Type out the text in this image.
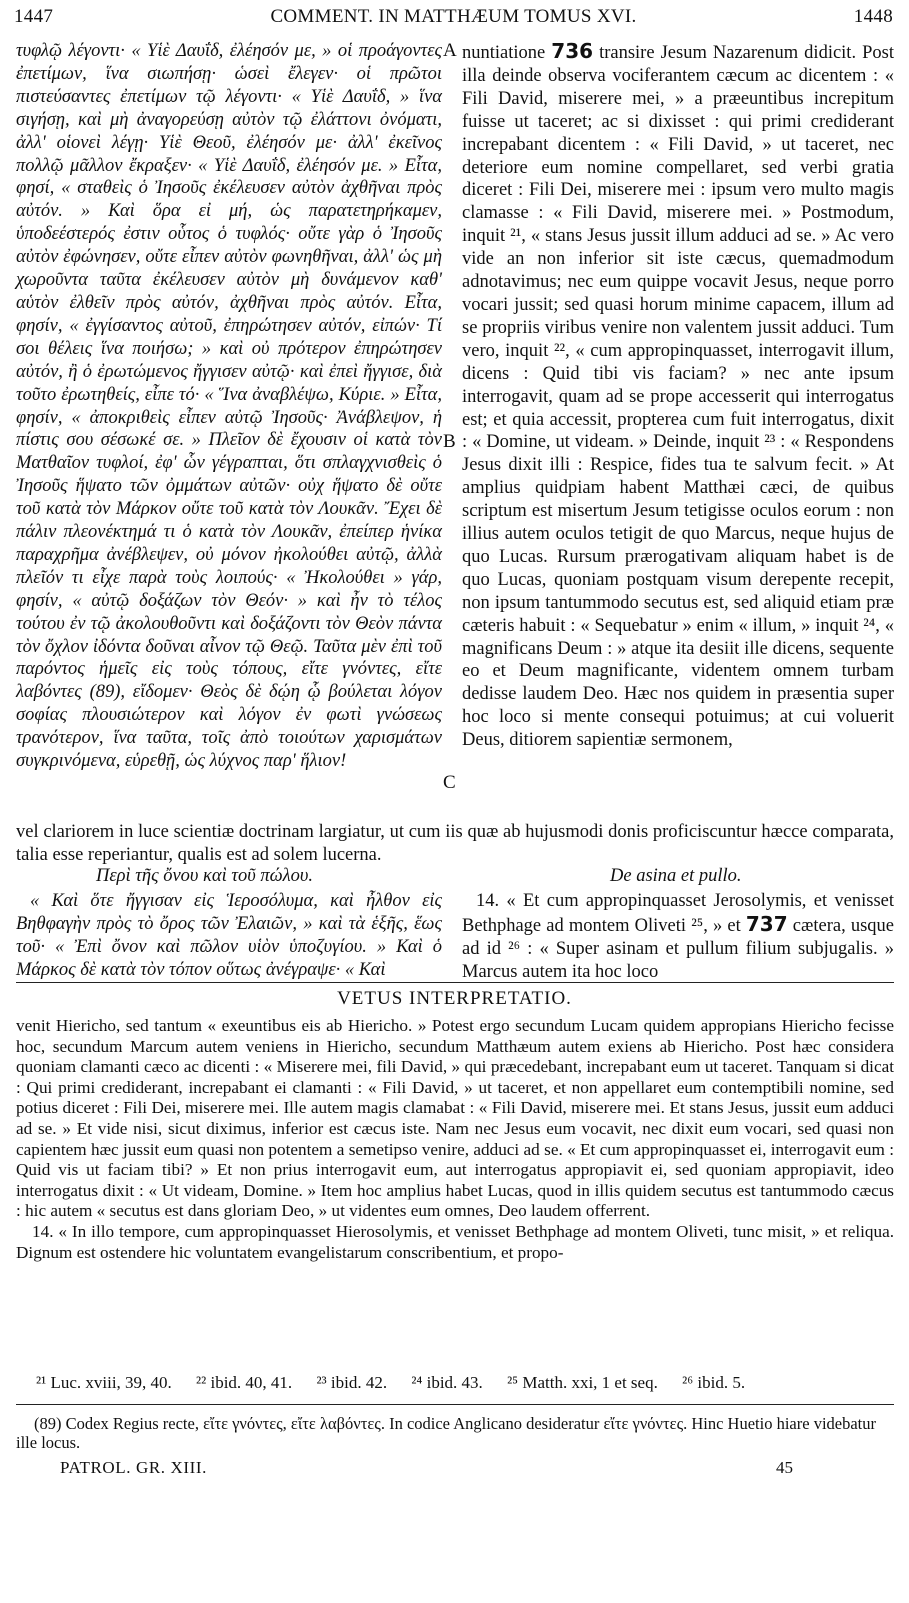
1447	COMMENT. IN MATTHÆUM TOMUS XVI.	1448
A
B
C

τυφλῷ λέγοντι· « Υἱὲ Δαυΐδ, ἐλέησόν με, » οἱ προάγοντες ἐπετίμων, ἵνα σιωπήσῃ· ὡσεὶ ἔλεγεν· οἱ πρῶτοι πιστεύσαντες ἐπετίμων τῷ λέγοντι· « Υἱὲ Δαυΐδ, » ἵνα σιγήσῃ, καὶ μὴ ἀναγορεύσῃ αὐτὸν τῷ ἐλάττονι ὀνόματι, ἀλλ' οἱονεὶ λέγῃ· Υἱὲ Θεοῦ, ἐλέησόν με· ἀλλ' ἐκεῖνος πολλῷ μᾶλλον ἔκραξεν· « Υἱὲ Δαυΐδ, ἐλέησόν με. » Εἶτα, φησί, « σταθεὶς ὁ Ἰησοῦς ἐκέλευσεν αὐτὸν ἀχθῆναι πρὸς αὐτόν. » Καὶ ὅρα εἰ μή, ὡς παρατετηρήκαμεν, ὑποδεέστερός ἐστιν οὗτος ὁ τυφλός· οὔτε γὰρ ὁ Ἰησοῦς αὐτὸν ἐφώνησεν, οὔτε εἶπεν αὐτὸν φωνηθῆναι, ἀλλ' ὡς μὴ χωροῦντα ταῦτα ἐκέλευσεν αὐτὸν μὴ δυνάμενον καθ' αὑτὸν ἐλθεῖν πρὸς αὐτόν, ἀχθῆναι πρὸς αὐτόν. Εἶτα, φησίν, « ἐγγίσαντος αὐτοῦ, ἐπηρώτησεν αὐτόν, εἰπών· Τί σοι θέλεις ἵνα ποιήσω; » καὶ οὐ πρότερον ἐπηρώτησεν αὐτόν, ἢ ὁ ἐρωτώμενος ἤγγισεν αὐτῷ· καὶ ἐπεὶ ἤγγισε, διὰ τοῦτο ἐρωτηθείς, εἶπε τό· « Ἵνα ἀναβλέψω, Κύριε. » Εἶτα, φησίν, « ἀποκριθεὶς εἶπεν αὐτῷ Ἰησοῦς· Ἀνάβλεψον, ἡ πίστις σου σέσωκέ σε. » Πλεῖον δὲ ἔχουσιν οἱ κατὰ τὸν Ματθαῖον τυφλοί, ἐφ' ὧν γέγραπται, ὅτι σπλαγχνισθεὶς ὁ Ἰησοῦς ἥψατο τῶν ὀμμάτων αὐτῶν· οὐχ ἥψατο δὲ οὔτε τοῦ κατὰ τὸν Μάρκον οὔτε τοῦ κατὰ τὸν Λουκᾶν. Ἔχει δὲ πάλιν πλεονέκτημά τι ὁ κατὰ τὸν Λουκᾶν, ἐπείπερ ἡνίκα παραχρῆμα ἀνέβλεψεν, οὐ μόνον ἠκολούθει αὐτῷ, ἀλλὰ πλεῖόν τι εἶχε παρὰ τοὺς λοιπούς· « Ἠκολούθει » γάρ, φησίν, « αὐτῷ δοξάζων τὸν Θεόν· » καὶ ἦν τὸ τέλος τούτου ἐν τῷ ἀκολουθοῦντι καὶ δοξάζοντι τὸν Θεὸν πάντα τὸν ὄχλον ἰδόντα δοῦναι αἶνον τῷ Θεῷ. Ταῦτα μὲν ἐπὶ τοῦ παρόντος ἡμεῖς εἰς τοὺς τόπους, εἴτε γνόντες, εἴτε λαβόντες (89), εἴδομεν· Θεὸς δὲ δῴη ᾧ βούλεται λόγον σοφίας πλουσιώτερον καὶ λόγον ἐν φωτὶ γνώσεως τρανότερον, ἵνα ταῦτα, τοῖς ἀπὸ τοιούτων χαρισμάτων συγκρινόμενα, εὑρεθῇ, ὡς λύχνος παρ' ἥλιον!

nuntiatione 736 transire Jesum Nazarenum didicit. Post illa deinde observa vociferantem cæcum ac dicentem : « Fili David, miserere mei, » a præeuntibus increpitum fuisse ut taceret; ac si dixisset : qui primi crediderant increpabant dicentem : « Fili David, » ut taceret, nec deteriore eum nomine compellaret, sed verbi gratia diceret : Fili Dei, miserere mei : ipsum vero multo magis clamasse : « Fili David, miserere mei. » Postmodum, inquit ²¹, « stans Jesus jussit illum adduci ad se. » Ac vero vide an non inferior sit iste cæcus, quemadmodum adnotavimus; nec eum quippe vocavit Jesus, neque porro vocari jussit; sed quasi horum minime capacem, illum ad se propriis viribus venire non valentem jussit adduci. Tum vero, inquit ²², « cum appropinquasset, interrogavit illum, dicens : Quid tibi vis faciam? » nec ante ipsum interrogavit, quam ad se prope accesserit qui interrogatus est; et quia accessit, propterea cum fuit interrogatus, dixit : « Domine, ut videam. » Deinde, inquit ²³ : « Respondens Jesus dixit illi : Respice, fides tua te salvum fecit. » At amplius quidpiam habent Matthæi cæci, de quibus scriptum est misertum Jesum tetigisse oculos eorum : non illius autem oculos tetigit de quo Marcus, neque hujus de quo Lucas. Rursum prærogativam aliquam habet is de quo Lucas, quoniam postquam visum derepente recepit, non ipsum tantummodo secutus est, sed aliquid etiam præ cæteris habuit : « Sequebatur » enim « illum, » inquit ²⁴, « magnificans Deum : » atque ita desiit ille dicens, sequente eo et Deum magnificante, videntem omnem turbam dedisse laudem Deo. Hæc nos quidem in præsentia super hoc loco si mente consequi potuimus; at cui voluerit Deus, ditiorem sapientiæ sermonem,

vel clariorem in luce scientiæ doctrinam largiatur, ut cum iis quæ ab hujusmodi donis proficiscuntur hæcce comparata, talia esse reperiantur, qualis est ad solem lucerna.

Περὶ τῆς ὄνου καὶ τοῦ πώλου.	De asina et pullo.

« Καὶ ὅτε ἤγγισαν εἰς Ἱεροσόλυμα, καὶ ἦλθον εἰς Βηθφαγὴν πρὸς τὸ ὄρος τῶν Ἐλαιῶν, » καὶ τὰ ἑξῆς, ἕως τοῦ· « Ἐπὶ ὄνον καὶ πῶλον υἱὸν ὑποζυγίου. » Καὶ ὁ Μάρκος δὲ κατὰ τὸν τόπον οὕτως ἀνέγραψε· « Καὶ

14. « Et cum appropinquasset Jerosolymis, et venisset Bethphage ad montem Oliveti ²⁵, » et 737 cætera, usque ad id ²⁶ : « Super asinam et pullum filium subjugalis. » Marcus autem ita hoc loco

VETUS INTERPRETATIO.

venit Hiericho, sed tantum « exeuntibus eis ab Hiericho. » Potest ergo secundum Lucam quidem appropians Hiericho fecisse hoc, secundum Marcum autem veniens in Hiericho, secundum Matthæum autem exiens ab Hiericho. Post hæc considera quoniam clamanti cæco ac dicenti : « Miserere mei, fili David, » qui præcedebant, increpabant eum ut taceret. Tanquam si dicat : Qui primi crediderant, increpabant ei clamanti : « Fili David, » ut taceret, et non appellaret eum contemptibili nomine, sed potius diceret : Fili Dei, miserere mei. Ille autem magis clamabat : « Fili David, miserere mei. Et stans Jesus, jussit eum adduci ad se. » Et vide nisi, sicut diximus, inferior est cæcus iste. Nam nec Jesus eum vocavit, nec dixit eum vocari, sed quasi non capientem hæc jussit eum quasi non potentem a semetipso venire, adduci ad se. « Et cum appropinquasset ei, interrogavit eum : Quid vis ut faciam tibi? » Et non prius interrogavit eum, aut interrogatus appropiavit ei, sed quoniam appropiavit, ideo interrogatus dixit : « Ut videam, Domine. » Item hoc amplius habet Lucas, quod in illis quidem secutus est tantummodo cæcus : hic autem « secutus est dans gloriam Deo, » ut videntes eum omnes, Deo laudem offerrent.

14. « In illo tempore, cum appropinquasset Hierosolymis, et venisset Bethphage ad montem Oliveti, tunc misit, » et reliqua. Dignum est ostendere hic voluntatem evangelistarum conscribentium, et propo-

²¹ Luc. xviii, 39, 40. ²² ibid. 40, 41. ²³ ibid. 42. ²⁴ ibid. 43. ²⁵ Matth. xxi, 1 et seq. ²⁶ ibid. 5.

(89) Codex Regius recte, εἴτε γνόντες, εἴτε λαβόντες. In codice Anglicano desideratur εἴτε γνόντες. Hinc Huetio hiare videbatur ille locus.

PATROL. GR. XIII.	45
